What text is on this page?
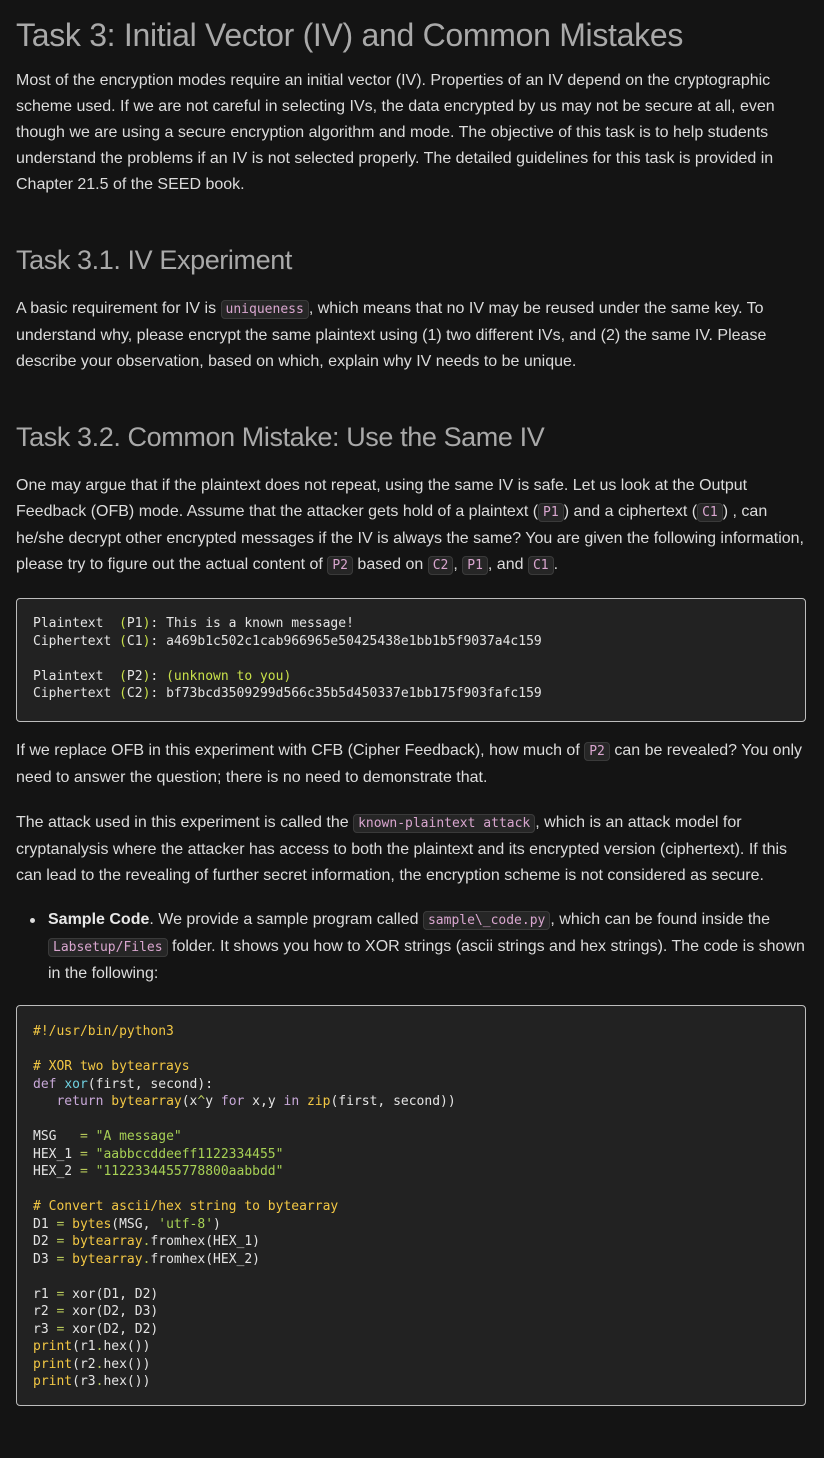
Task 3: Initial Vector (IV) and Common Mistakes

Most of the encryption modes require an initial vector (IV). Properties of an IV depend on the cryptographic scheme used. If we are not careful in selecting IVs, the data encrypted by us may not be secure at all, even though we are using a secure encryption algorithm and mode. The objective of this task is to help students understand the problems if an IV is not selected properly. The detailed guidelines for this task is provided in Chapter 21.5 of the SEED book.

Task 3.1. IV Experiment

A basic requirement for IV is uniqueness , which means that no IV may be reused under the same key. To understand why, please encrypt the same plaintext using (1) two different IVs, and (2) the same IV. Please describe your observation, based on which, explain why IV needs to be unique.

Task 3.2. Common Mistake: Use the Same IV

One may argue that if the plaintext does not repeat, using the same IV is safe. Let us look at the Output Feedback (OFB) mode. Assume that the attacker gets hold of a plaintext ( P1 ) and a ciphertext ( C1 ) , can he/she decrypt other encrypted messages if the IV is always the same? You are given the following information, please try to figure out the actual content of P2 based on C2 , P1 , and C1 .

Plaintext  (P1): This is a known message!
Ciphertext (C1): a469b1c502c1cab966965e50425438e1bb1b5f9037a4c159
Plaintext  (P2): (unknown to you)
Ciphertext (C2): bf73bcd3509299d566c35b5d450337e1bb175f903fafc159

If we replace OFB in this experiment with CFB (Cipher Feedback), how much of P2 can be revealed? You only need to answer the question; there is no need to demonstrate that.

The attack used in this experiment is called the known-plaintext attack , which is an attack model for cryptanalysis where the attacker has access to both the plaintext and its encrypted version (ciphertext). If this can lead to the revealing of further secret information, the encryption scheme is not considered as secure.

Sample Code. We provide a sample program called sample\_code.py , which can be found inside the Labsetup/Files folder. It shows you how to XOR strings (ascii strings and hex strings). The code is shown in the following:
#!/usr/bin/python3
# XOR two bytearrays
def xor(first, second):
return bytearray(x^y for x,y in zip(first, second))
MSG   = "A message"
HEX_1 = "aabbccddeeff1122334455"
HEX_2 = "1122334455778800aabbdd"
# Convert ascii/hex string to bytearray
D1 = bytes(MSG, 'utf-8')
D2 = bytearray.fromhex(HEX_1)
D3 = bytearray.fromhex(HEX_2)
r1 = xor(D1, D2)
r2 = xor(D2, D3)
r3 = xor(D2, D2)
print(r1.hex())
print(r2.hex())
print(r3.hex())
